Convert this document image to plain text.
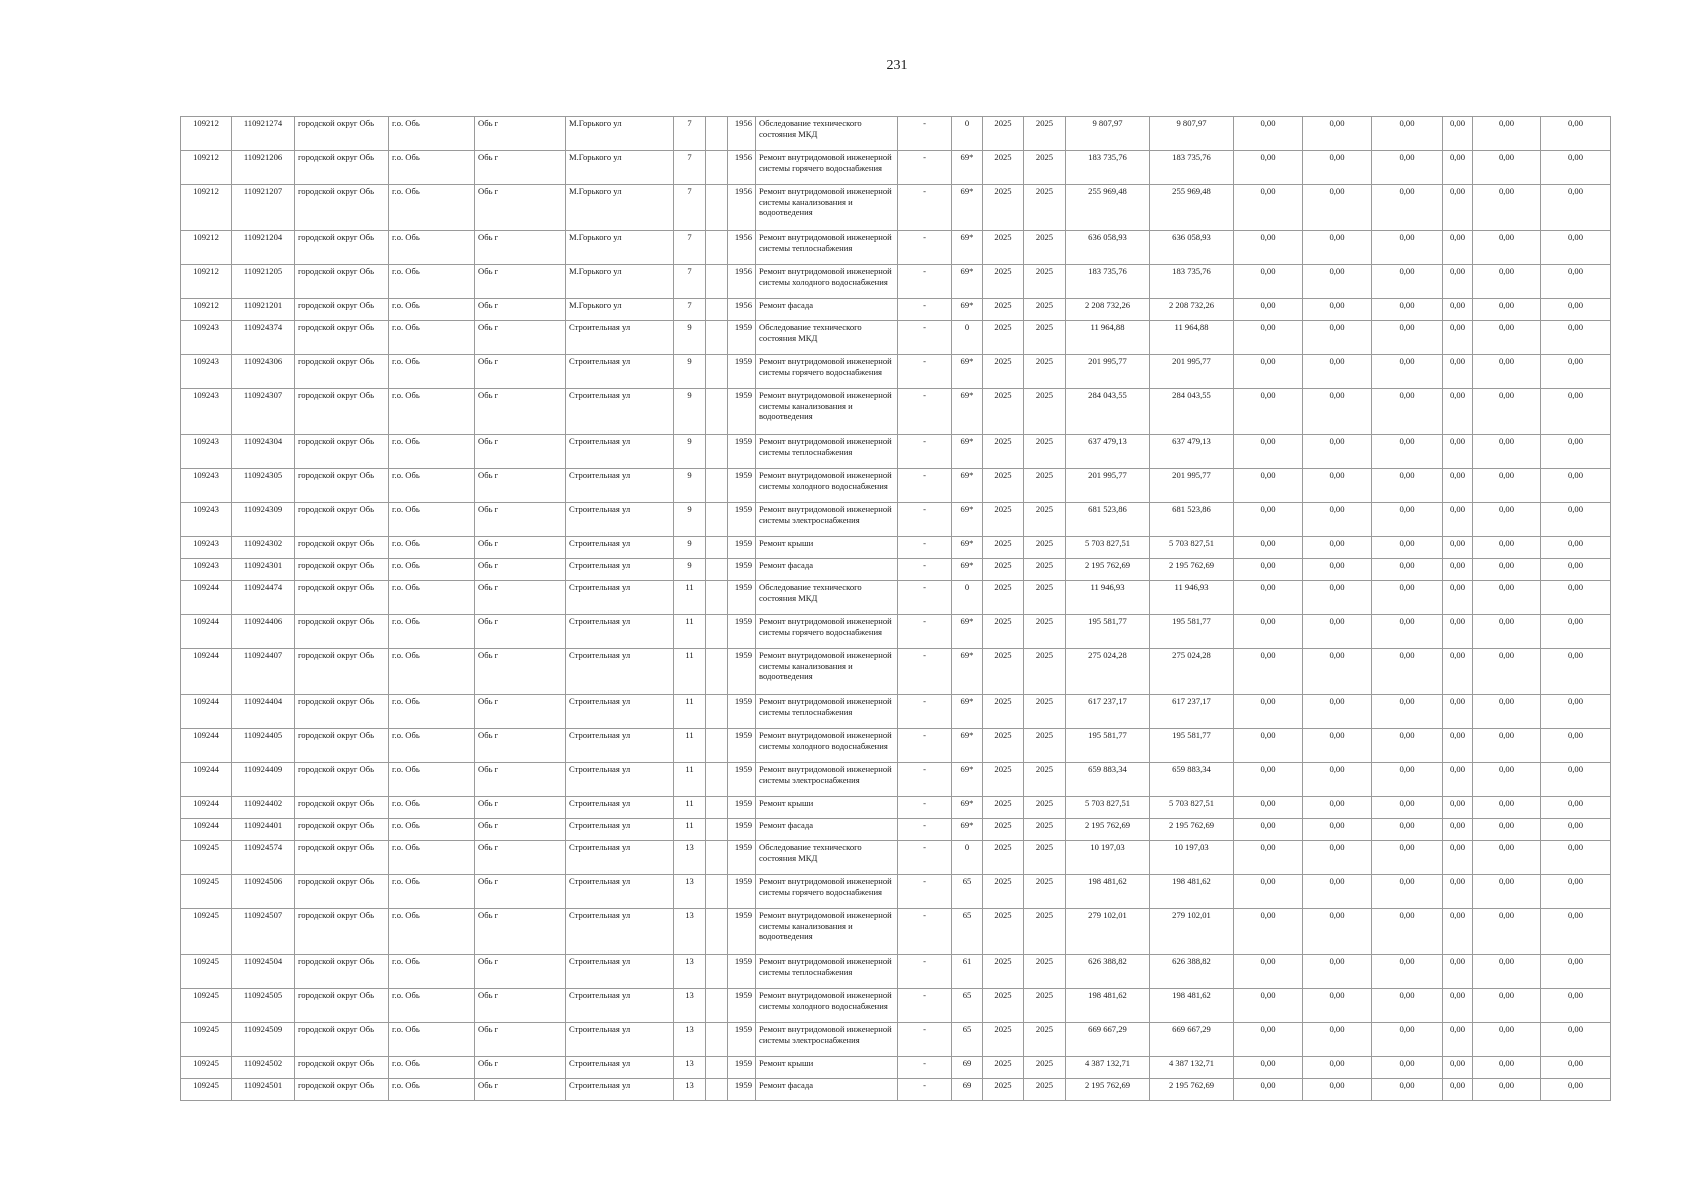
231
109212	110921274	городской округ Обь	г.о. Обь	Обь г	М.Горького ул	7		1956	Обследование технического состояния МКД	-	0	2025	2025	9 807,97	9 807,97	0,00	0,00	0,00	0,00	0,00	0,00
109212	110921206	городской округ Обь	г.о. Обь	Обь г	М.Горького ул	7		1956	Ремонт внутридомовой инженерной системы горячего водоснабжения	-	69*	2025	2025	183 735,76	183 735,76	0,00	0,00	0,00	0,00	0,00	0,00
109212	110921207	городской округ Обь	г.о. Обь	Обь г	М.Горького ул	7		1956	Ремонт внутридомовой инженерной системы канализования и водоотведения	-	69*	2025	2025	255 969,48	255 969,48	0,00	0,00	0,00	0,00	0,00	0,00
109212	110921204	городской округ Обь	г.о. Обь	Обь г	М.Горького ул	7		1956	Ремонт внутридомовой инженерной системы теплоснабжения	-	69*	2025	2025	636 058,93	636 058,93	0,00	0,00	0,00	0,00	0,00	0,00
109212	110921205	городской округ Обь	г.о. Обь	Обь г	М.Горького ул	7		1956	Ремонт внутридомовой инженерной системы холодного водоснабжения	-	69*	2025	2025	183 735,76	183 735,76	0,00	0,00	0,00	0,00	0,00	0,00
109212	110921201	городской округ Обь	г.о. Обь	Обь г	М.Горького ул	7		1956	Ремонт фасада	-	69*	2025	2025	2 208 732,26	2 208 732,26	0,00	0,00	0,00	0,00	0,00	0,00
109243	110924374	городской округ Обь	г.о. Обь	Обь г	Строительная ул	9		1959	Обследование технического состояния МКД	-	0	2025	2025	11 964,88	11 964,88	0,00	0,00	0,00	0,00	0,00	0,00
109243	110924306	городской округ Обь	г.о. Обь	Обь г	Строительная ул	9		1959	Ремонт внутридомовой инженерной системы горячего водоснабжения	-	69*	2025	2025	201 995,77	201 995,77	0,00	0,00	0,00	0,00	0,00	0,00
109243	110924307	городской округ Обь	г.о. Обь	Обь г	Строительная ул	9		1959	Ремонт внутридомовой инженерной системы канализования и водоотведения	-	69*	2025	2025	284 043,55	284 043,55	0,00	0,00	0,00	0,00	0,00	0,00
109243	110924304	городской округ Обь	г.о. Обь	Обь г	Строительная ул	9		1959	Ремонт внутридомовой инженерной системы теплоснабжения	-	69*	2025	2025	637 479,13	637 479,13	0,00	0,00	0,00	0,00	0,00	0,00
109243	110924305	городской округ Обь	г.о. Обь	Обь г	Строительная ул	9		1959	Ремонт внутридомовой инженерной системы холодного водоснабжения	-	69*	2025	2025	201 995,77	201 995,77	0,00	0,00	0,00	0,00	0,00	0,00
109243	110924309	городской округ Обь	г.о. Обь	Обь г	Строительная ул	9		1959	Ремонт внутридомовой инженерной системы электроснабжения	-	69*	2025	2025	681 523,86	681 523,86	0,00	0,00	0,00	0,00	0,00	0,00
109243	110924302	городской округ Обь	г.о. Обь	Обь г	Строительная ул	9		1959	Ремонт крыши	-	69*	2025	2025	5 703 827,51	5 703 827,51	0,00	0,00	0,00	0,00	0,00	0,00
109243	110924301	городской округ Обь	г.о. Обь	Обь г	Строительная ул	9		1959	Ремонт фасада	-	69*	2025	2025	2 195 762,69	2 195 762,69	0,00	0,00	0,00	0,00	0,00	0,00
109244	110924474	городской округ Обь	г.о. Обь	Обь г	Строительная ул	11		1959	Обследование технического состояния МКД	-	0	2025	2025	11 946,93	11 946,93	0,00	0,00	0,00	0,00	0,00	0,00
109244	110924406	городской округ Обь	г.о. Обь	Обь г	Строительная ул	11		1959	Ремонт внутридомовой инженерной системы горячего водоснабжения	-	69*	2025	2025	195 581,77	195 581,77	0,00	0,00	0,00	0,00	0,00	0,00
109244	110924407	городской округ Обь	г.о. Обь	Обь г	Строительная ул	11		1959	Ремонт внутридомовой инженерной системы канализования и водоотведения	-	69*	2025	2025	275 024,28	275 024,28	0,00	0,00	0,00	0,00	0,00	0,00
109244	110924404	городской округ Обь	г.о. Обь	Обь г	Строительная ул	11		1959	Ремонт внутридомовой инженерной системы теплоснабжения	-	69*	2025	2025	617 237,17	617 237,17	0,00	0,00	0,00	0,00	0,00	0,00
109244	110924405	городской округ Обь	г.о. Обь	Обь г	Строительная ул	11		1959	Ремонт внутридомовой инженерной системы холодного водоснабжения	-	69*	2025	2025	195 581,77	195 581,77	0,00	0,00	0,00	0,00	0,00	0,00
109244	110924409	городской округ Обь	г.о. Обь	Обь г	Строительная ул	11		1959	Ремонт внутридомовой инженерной системы электроснабжения	-	69*	2025	2025	659 883,34	659 883,34	0,00	0,00	0,00	0,00	0,00	0,00
109244	110924402	городской округ Обь	г.о. Обь	Обь г	Строительная ул	11		1959	Ремонт крыши	-	69*	2025	2025	5 703 827,51	5 703 827,51	0,00	0,00	0,00	0,00	0,00	0,00
109244	110924401	городской округ Обь	г.о. Обь	Обь г	Строительная ул	11		1959	Ремонт фасада	-	69*	2025	2025	2 195 762,69	2 195 762,69	0,00	0,00	0,00	0,00	0,00	0,00
109245	110924574	городской округ Обь	г.о. Обь	Обь г	Строительная ул	13		1959	Обследование технического состояния МКД	-	0	2025	2025	10 197,03	10 197,03	0,00	0,00	0,00	0,00	0,00	0,00
109245	110924506	городской округ Обь	г.о. Обь	Обь г	Строительная ул	13		1959	Ремонт внутридомовой инженерной системы горячего водоснабжения	-	65	2025	2025	198 481,62	198 481,62	0,00	0,00	0,00	0,00	0,00	0,00
109245	110924507	городской округ Обь	г.о. Обь	Обь г	Строительная ул	13		1959	Ремонт внутридомовой инженерной системы канализования и водоотведения	-	65	2025	2025	279 102,01	279 102,01	0,00	0,00	0,00	0,00	0,00	0,00
109245	110924504	городской округ Обь	г.о. Обь	Обь г	Строительная ул	13		1959	Ремонт внутридомовой инженерной системы теплоснабжения	-	61	2025	2025	626 388,82	626 388,82	0,00	0,00	0,00	0,00	0,00	0,00
109245	110924505	городской округ Обь	г.о. Обь	Обь г	Строительная ул	13		1959	Ремонт внутридомовой инженерной системы холодного водоснабжения	-	65	2025	2025	198 481,62	198 481,62	0,00	0,00	0,00	0,00	0,00	0,00
109245	110924509	городской округ Обь	г.о. Обь	Обь г	Строительная ул	13		1959	Ремонт внутридомовой инженерной системы электроснабжения	-	65	2025	2025	669 667,29	669 667,29	0,00	0,00	0,00	0,00	0,00	0,00
109245	110924502	городской округ Обь	г.о. Обь	Обь г	Строительная ул	13		1959	Ремонт крыши	-	69	2025	2025	4 387 132,71	4 387 132,71	0,00	0,00	0,00	0,00	0,00	0,00
109245	110924501	городской округ Обь	г.о. Обь	Обь г	Строительная ул	13		1959	Ремонт фасада	-	69	2025	2025	2 195 762,69	2 195 762,69	0,00	0,00	0,00	0,00	0,00	0,00
